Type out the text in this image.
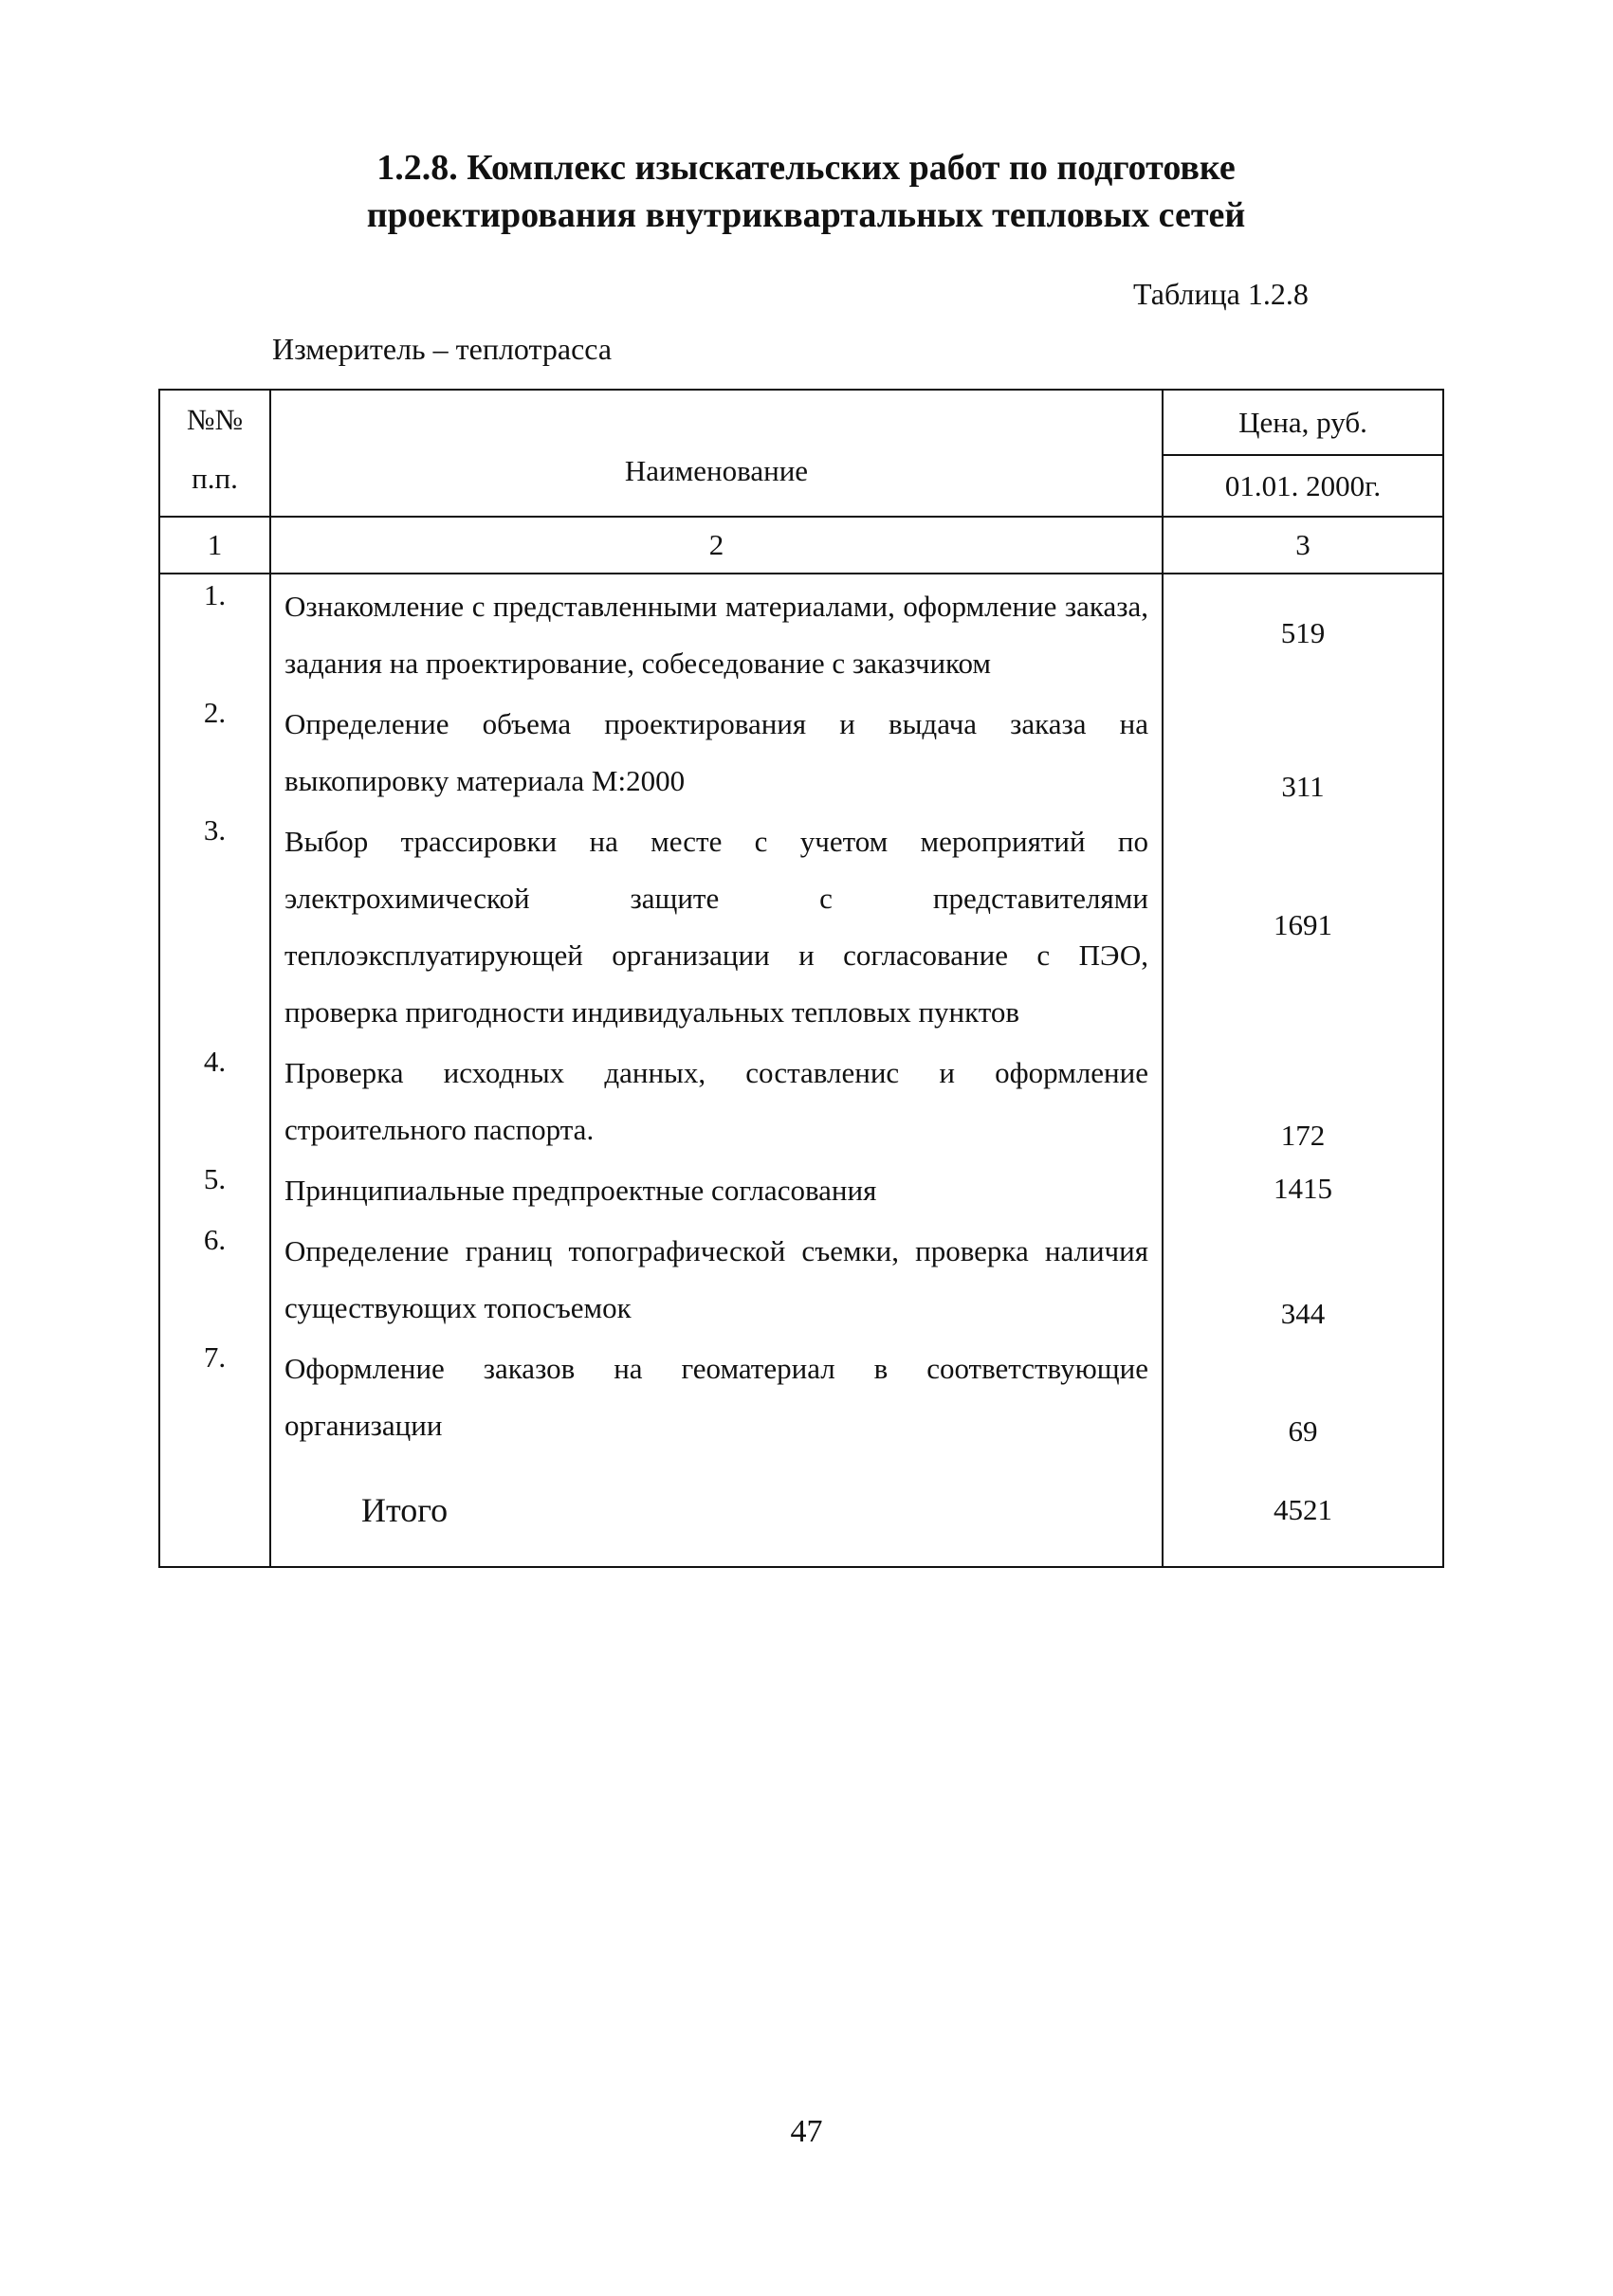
1.2.8. Комплекс изыскательских работ по подготовке
проектирования внутриквартальных тепловых сетей
Таблица 1.2.8
Измеритель – теплотрасса
№№
п.п.	Наименование	Цена, руб.
		01.01. 2000г.
1	2	3
1.	Ознакомление с представленными материалами, оформление заказа, задания на проектирование, собеседование с заказчиком	519
2.	Определение объема проектирования и выдача заказа на выкопировку материала М:2000	311
3.	Выбор трассировки на месте с учетом мероприятий по электрохимической защите с представителями теплоэксплуатирующей организации и согласование с ПЭО, проверка пригодности индивидуальных тепловых пунктов	1691
4.	Проверка исходных данных, составленис и оформление строительного паспорта.	172
5.	Принципиальные предпроектные согласования	1415
6.	Определение границ топографической съемки, проверка наличия существующих топосъемок	344
7.	Оформление заказов на геоматериал в соответствующие организации	69
	Итого	4521
47
